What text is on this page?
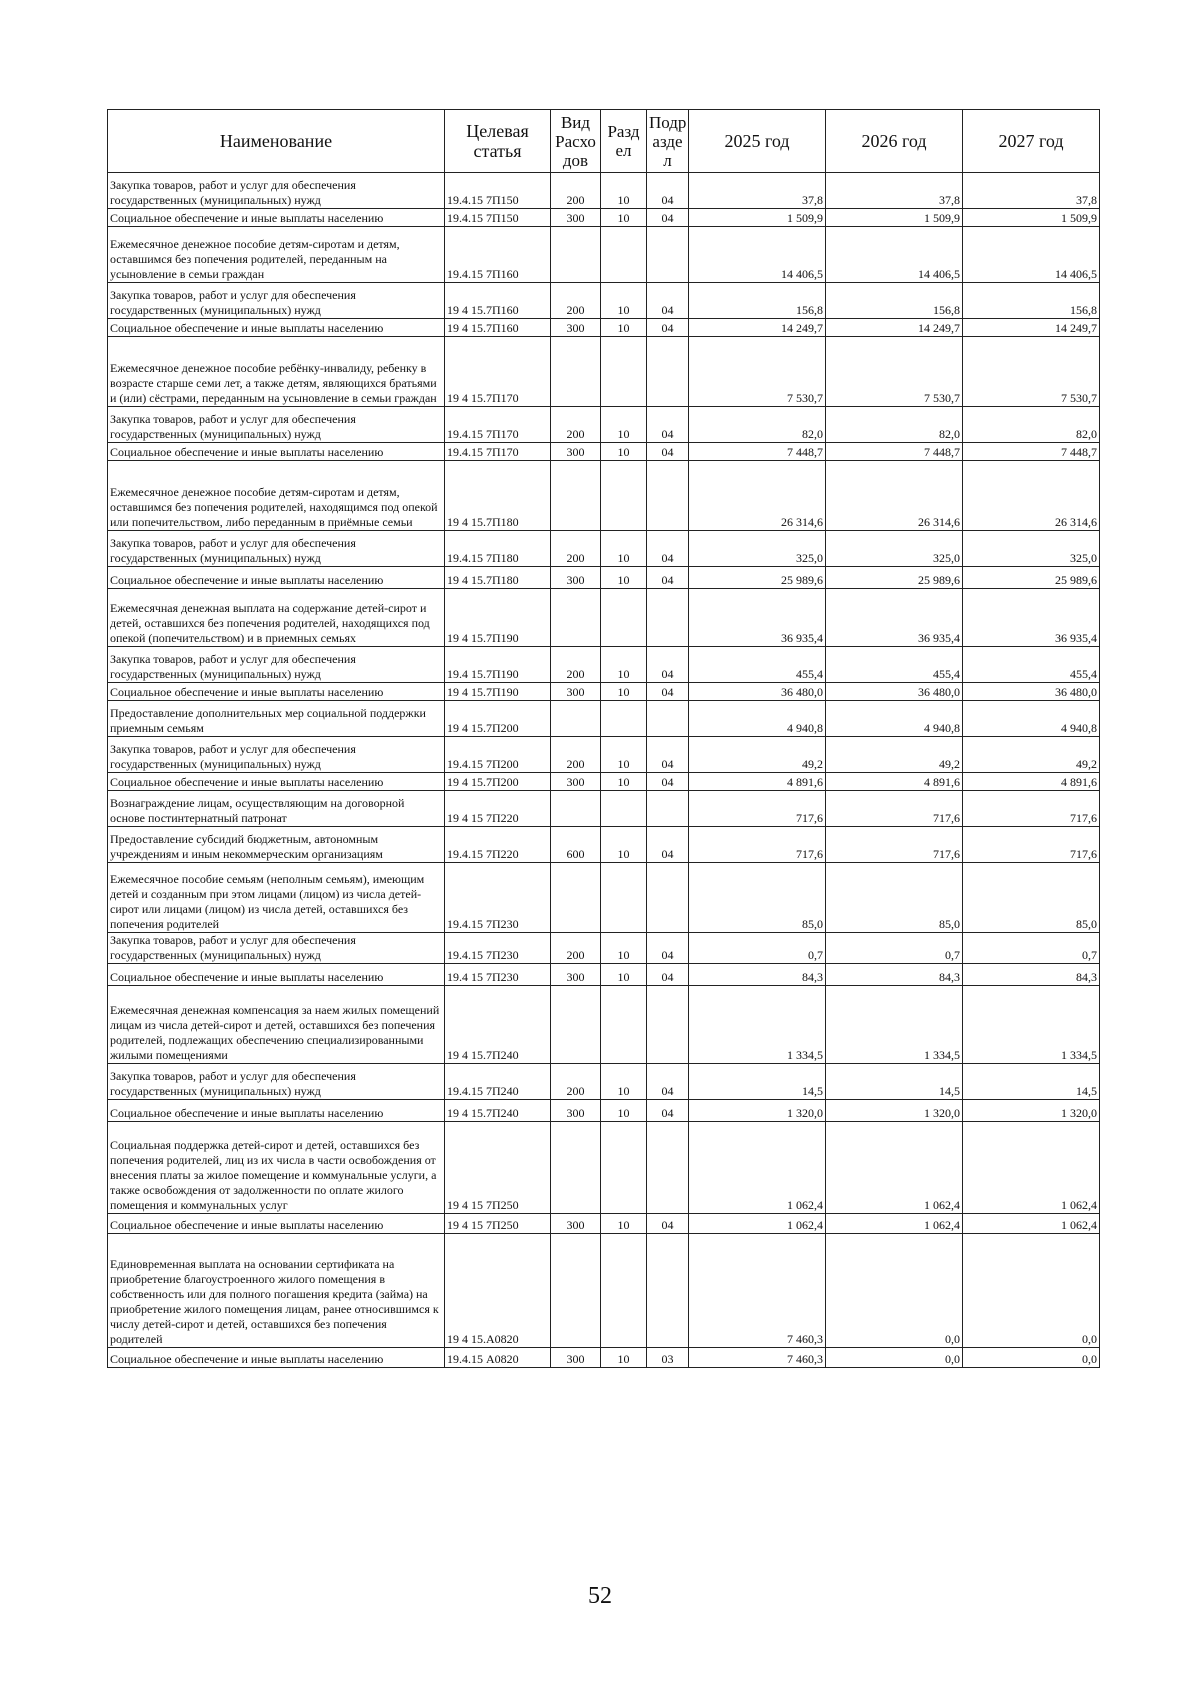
Наименование	Целевая статья	Вид Расхо дов	Разд ел	Подр азде л	2025 год	2026 год	2027 год
Закупка товаров, работ и услуг для обеспечения государственных (муниципальных) нужд	19.4.15 7П150	200	10	04	37,8	37,8	37,8
Социальное обеспечение и иные выплаты населению	19.4.15 7П150	300	10	04	1 509,9	1 509,9	1 509,9
Ежемесячное денежное пособие детям-сиротам и детям, оставшимся без попечения родителей, переданным на усыновление в семьи граждан	19.4.15 7П160				14 406,5	14 406,5	14 406,5
Закупка товаров, работ и услуг для обеспечения государственных (муниципальных) нужд	19 4 15.7П160	200	10	04	156,8	156,8	156,8
Социальное обеспечение и иные выплаты населению	19 4 15.7П160	300	10	04	14 249,7	14 249,7	14 249,7
Ежемесячное денежное пособие ребёнку-инвалиду, ребенку в возрасте старше семи лет, а также детям, являющихся братьями и (или) сёстрами, переданным на усыновление в семьи граждан	19 4 15.7П170				7 530,7	7 530,7	7 530,7
Закупка товаров, работ и услуг для обеспечения государственных (муниципальных) нужд	19.4.15 7П170	200	10	04	82,0	82,0	82,0
Социальное обеспечение и иные выплаты населению	19.4.15 7П170	300	10	04	7 448,7	7 448,7	7 448,7
Ежемесячное денежное пособие детям-сиротам и детям, оставшимся без попечения родителей, находящимся под опекой или попечительством, либо переданным в приёмные семьи	19 4 15.7П180				26 314,6	26 314,6	26 314,6
Закупка товаров, работ и услуг для обеспечения государственных (муниципальных) нужд	19.4.15 7П180	200	10	04	325,0	325,0	325,0
Социальное обеспечение и иные выплаты населению	19 4 15.7П180	300	10	04	25 989,6	25 989,6	25 989,6
Ежемесячная денежная выплата на содержание детей-сирот и детей, оставшихся без попечения родителей, находящихся под опекой (попечительством) и в приемных семьях	19 4 15.7П190				36 935,4	36 935,4	36 935,4
Закупка товаров, работ и услуг для обеспечения государственных (муниципальных) нужд	19.4 15.7П190	200	10	04	455,4	455,4	455,4
Социальное обеспечение и иные выплаты населению	19 4 15.7П190	300	10	04	36 480,0	36 480,0	36 480,0
Предоставление дополнительных мер социальной поддержки приемным семьям	19 4 15.7П200				4 940,8	4 940,8	4 940,8
Закупка товаров, работ и услуг для обеспечения государственных (муниципальных) нужд	19.4.15 7П200	200	10	04	49,2	49,2	49,2
Социальное обеспечение и иные выплаты населению	19 4 15.7П200	300	10	04	4 891,6	4 891,6	4 891,6
Вознаграждение лицам, осуществляющим на договорной основе постинтернатный патронат	19 4 15 7П220				717,6	717,6	717,6
Предоставление субсидий бюджетным, автономным учреждениям и иным некоммерческим организациям	19.4.15 7П220	600	10	04	717,6	717,6	717,6
Ежемесячное пособие семьям (неполным семьям), имеющим детей и созданным при этом лицами (лицом) из числа детей-сирот или лицами (лицом) из числа детей, оставшихся без попечения родителей	19.4.15 7П230				85,0	85,0	85,0
Закупка товаров, работ и услуг для обеспечения государственных (муниципальных) нужд	19.4.15 7П230	200	10	04	0,7	0,7	0,7
Социальное обеспечение и иные выплаты населению	19.4 15 7П230	300	10	04	84,3	84,3	84,3
Ежемесячная денежная компенсация за наем жилых помещений лицам из числа детей-сирот и детей, оставшихся без попечения родителей, подлежащих обеспечению специализированными жилыми помещениями	19 4 15.7П240				1 334,5	1 334,5	1 334,5
Закупка товаров, работ и услуг для обеспечения государственных (муниципальных) нужд	19.4.15 7П240	200	10	04	14,5	14,5	14,5
Социальное обеспечение и иные выплаты населению	19 4 15.7П240	300	10	04	1 320,0	1 320,0	1 320,0
Социальная поддержка детей-сирот и детей, оставшихся без попечения родителей, лиц из их числа в части освобождения от внесения платы за жилое помещение и коммунальные услуги, а также освобождения от задолженности по оплате жилого помещения и коммунальных услуг	19 4 15 7П250				1 062,4	1 062,4	1 062,4
Социальное обеспечение и иные выплаты населению	19 4 15 7П250	300	10	04	1 062,4	1 062,4	1 062,4
Единовременная выплата на основании сертификата на приобретение благоустроенного жилого помещения в собственность или для полного погашения кредита (займа) на приобретение жилого помещения лицам, ранее относившимся к числу детей-сирот и детей, оставшихся без попечения родителей	19 4 15.А0820				7 460,3	0,0	0,0
Социальное обеспечение и иные выплаты населению	19.4.15 А0820	300	10	03	7 460,3	0,0	0,0
52
